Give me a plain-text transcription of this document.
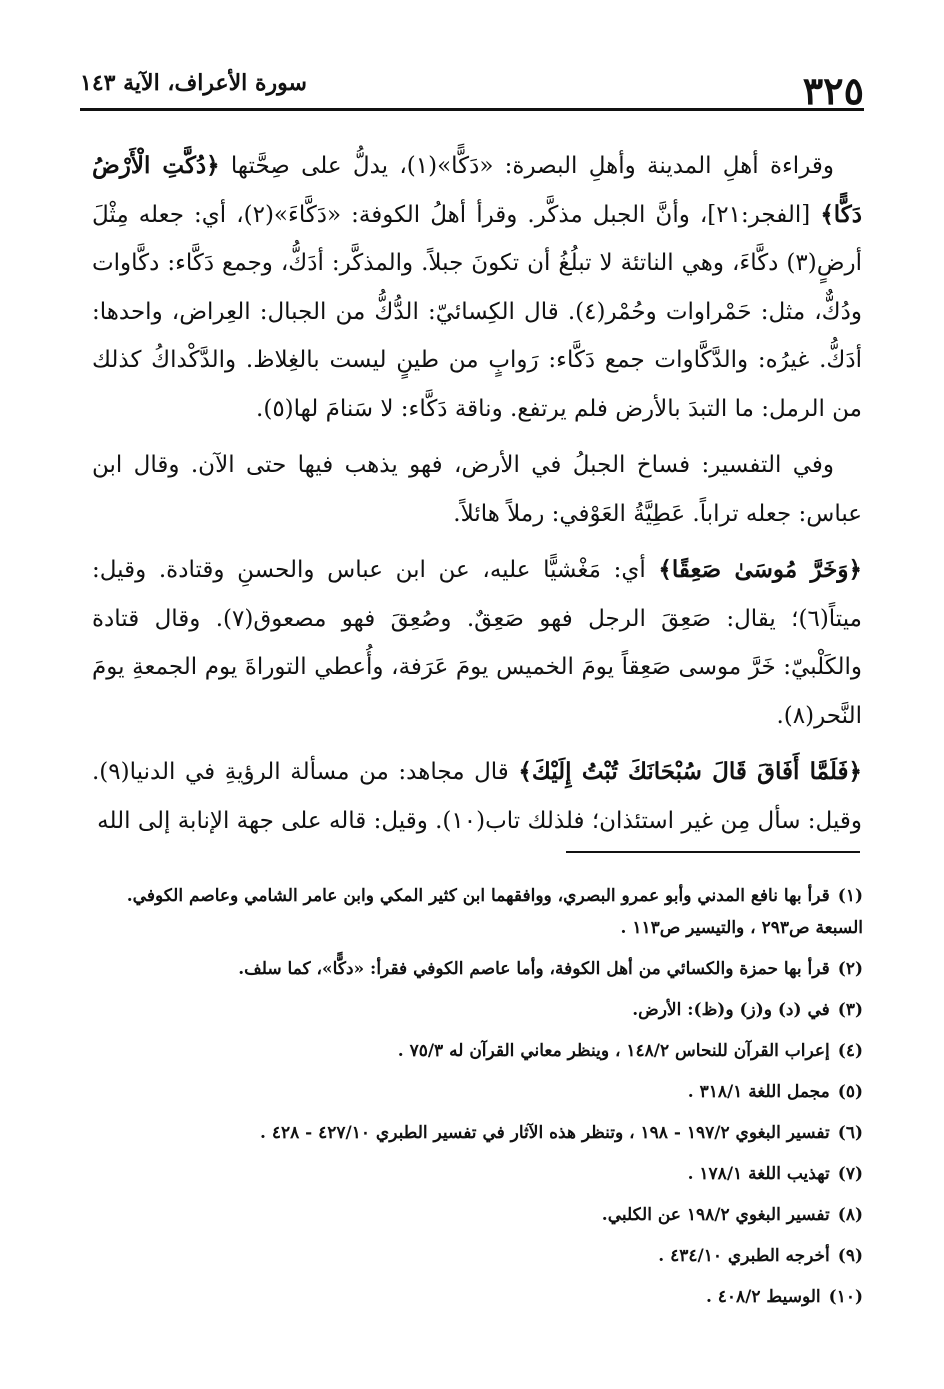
٣٢٥
سورة الأعراف، الآية ١٤٣

وقراءة أهلِ المدينة وأهلِ البصرة: «دَكًّا»(١)، يدلُّ على صِحَّتها ﴿دُكَّتِ الْأَرْضُ دَكًّا﴾ [الفجر:٢١]، وأنَّ الجبل مذكَّر. وقرأ أهلُ الكوفة: «دَكَّاءَ»(٢)، أي: جعله مِثْلَ أرضٍ(٣) دكَّاءَ، وهي الناتئة لا تبلُغُ أن تكونَ جبلاً. والمذكَّر: أدَكُّ، وجمع دَكَّاء: دكَّاوات ودُكٌّ، مثل: حَمْراوات وحُمْر(٤). قال الكِسائيّ: الدُّكُّ من الجبال: العِراض، واحدها: أدَكُّ. غيرُه: والدَّكَّاوات جمع دَكَّاء: رَوابٍ من طينٍ ليست بالغِلاظ. والدَّكْداكُ كذلك من الرمل: ما التبدَ بالأرض فلم يرتفع. وناقة دَكَّاء: لا سَنامَ لها(٥).

وفي التفسير: فساخ الجبلُ في الأرض، فهو يذهب فيها حتى الآن. وقال ابن عباس: جعله تراباً. عَطِيَّةُ العَوْفي: رملاً هائلاً.

﴿وَخَرَّ مُوسَىٰ صَعِقًا﴾ أي: مَغْشيًّا عليه، عن ابن عباس والحسنِ وقتادة. وقيل: ميتاً(٦)؛ يقال: صَعِقَ الرجل فهو صَعِقٌ. وصُعِقَ فهو مصعوق(٧). وقال قتادة والكَلْبيّ: خَرَّ موسى صَعِقاً يومَ الخميس يومَ عَرَفة، وأُعطي التوراةَ يوم الجمعةِ يومَ النَّحر(٨).

﴿فَلَمَّا أَفَاقَ قَالَ سُبْحَانَكَ تُبْتُ إِلَيْكَ﴾ قال مجاهد: من مسألة الرؤيةِ في الدنيا(٩). وقيل: سأل مِن غير استئذان؛ فلذلك تاب(١٠). وقيل: قاله على جهة الإنابة إلى الله

(١)قرأ بها نافع المدني وأبو عمرو البصري، ووافقهما ابن كثير المكي وابن عامر الشامي وعاصم الكوفي. السبعة ص٢٩٣ ، والتيسير ص١١٣ .
(٢)قرأ بها حمزة والكسائي من أهل الكوفة، وأما عاصم الكوفي فقرأ: «دكًّا»، كما سلف.
(٣)في (د) و(ز) و(ظ): الأرض.
(٤)إعراب القرآن للنحاس ١٤٨/٢ ، وينظر معاني القرآن له ٧٥/٣ .
(٥)مجمل اللغة ٣١٨/١ .
(٦)تفسير البغوي ١٩٧/٢ - ١٩٨ ، وتنظر هذه الآثار في تفسير الطبري ٤٢٧/١٠ - ٤٢٨ .
(٧)تهذيب اللغة ١٧٨/١ .
(٨)تفسير البغوي ١٩٨/٢ عن الكلبي.
(٩)أخرجه الطبري ٤٣٤/١٠ .
(١٠)الوسيط ٤٠٨/٢ .
